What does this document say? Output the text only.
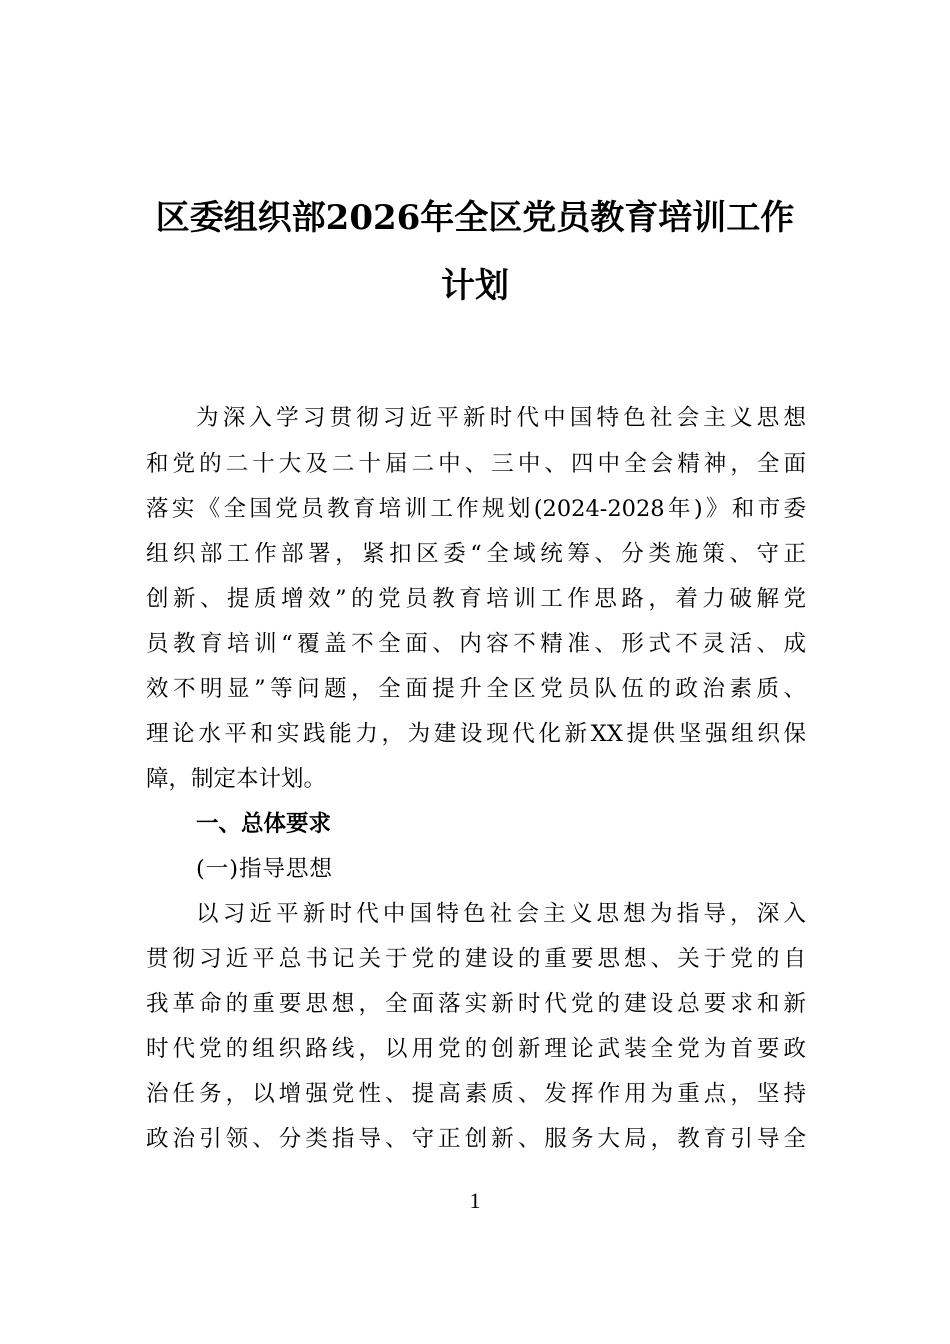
区委组织部2026年全区党员教育培训工作
计划
为深入学习贯彻习近平新时代中国特色社会主义思想
和党的二十大及二十届二中、三中、四中全会精神，全面
落实《全国党员教育培训工作规划(2024-2028年)》和市委
组织部工作部署，紧扣区委“全域统筹、分类施策、守正
创新、提质增效”的党员教育培训工作思路，着力破解党
员教育培训“覆盖不全面、内容不精准、形式不灵活、成
效不明显”等问题，全面提升全区党员队伍的政治素质、
理论水平和实践能力，为建设现代化新XX提供坚强组织保
障，制定本计划。
一、总体要求
(一)指导思想
以习近平新时代中国特色社会主义思想为指导，深入
贯彻习近平总书记关于党的建设的重要思想、关于党的自
我革命的重要思想，全面落实新时代党的建设总要求和新
时代党的组织路线，以用党的创新理论武装全党为首要政
治任务，以增强党性、提高素质、发挥作用为重点，坚持
政治引领、分类指导、守正创新、服务大局，教育引导全
1
